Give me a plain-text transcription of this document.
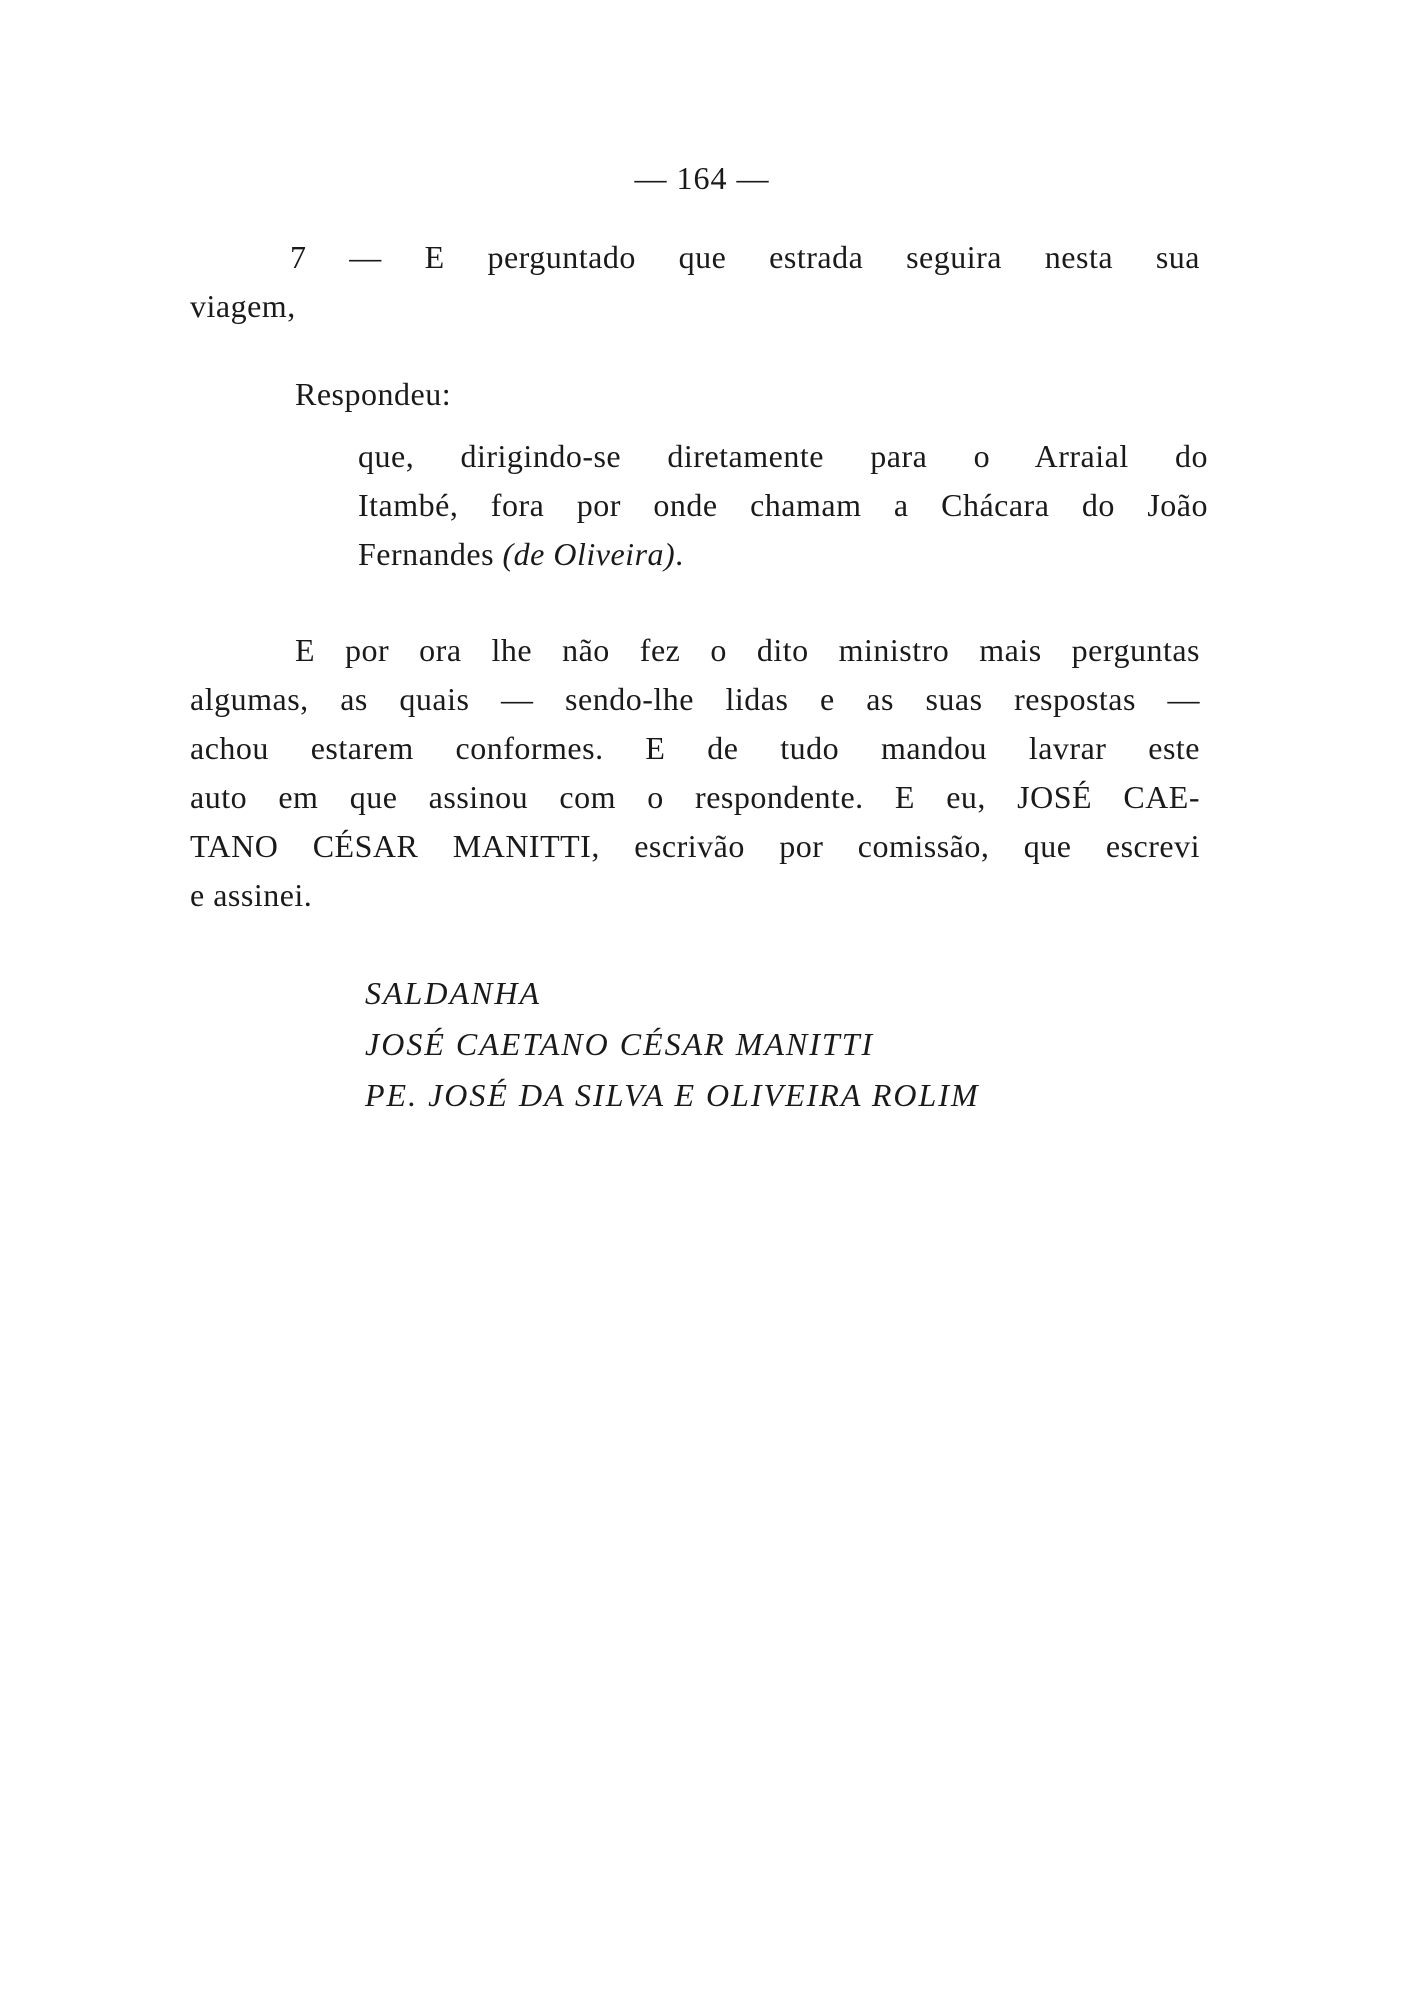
— 164 —
7 — E perguntado que estrada seguira nesta sua
viagem,
Respondeu:
que, dirigindo-se diretamente para o Arraial do
Itambé, fora por onde chamam a Chácara do João
Fernandes (de Oliveira).
E por ora lhe não fez o dito ministro mais perguntas
algumas, as quais — sendo-lhe lidas e as suas respostas —
achou estarem conformes. E de tudo mandou lavrar este
auto em que assinou com o respondente. E eu, JOSÉ CAE-
TANO CÉSAR MANITTI, escrivão por comissão, que escrevi
e assinei.
SALDANHA
JOSÉ CAETANO CÉSAR MANITTI
PE. JOSÉ DA SILVA E OLIVEIRA ROLIM
